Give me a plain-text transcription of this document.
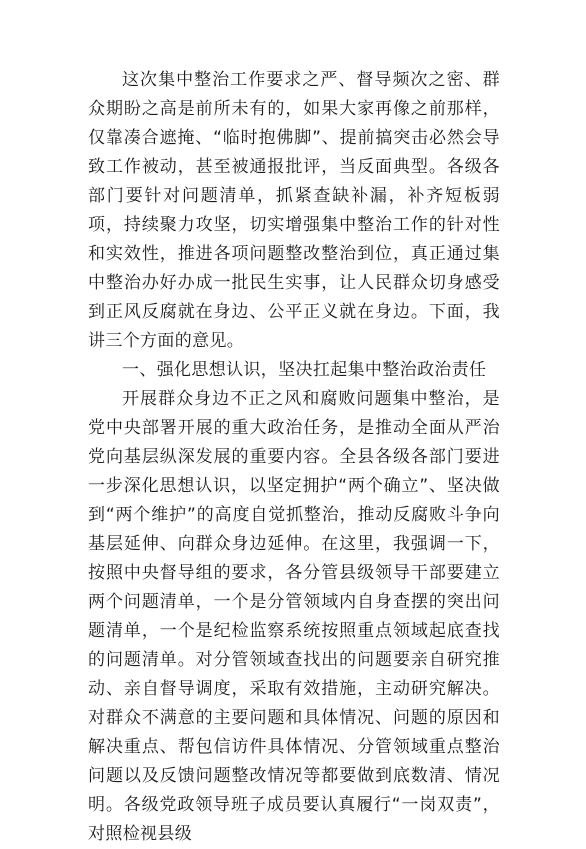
这次集中整治工作要求之严、督导频次之密、群众期盼之高是前所未有的，如果大家再像之前那样，仅靠凑合遮掩、“临时抱佛脚”、提前搞突击必然会导致工作被动，甚至被通报批评，当反面典型。各级各部门要针对问题清单，抓紧查缺补漏，补齐短板弱项，持续聚力攻坚，切实增强集中整治工作的针对性和实效性，推进各项问题整改整治到位，真正通过集中整治办好办成一批民生实事，让人民群众切身感受到正风反腐就在身边、公平正义就在身边。下面，我讲三个方面的意见。

一、强化思想认识，坚决扛起集中整治政治责任

开展群众身边不正之风和腐败问题集中整治，是党中央部署开展的重大政治任务，是推动全面从严治党向基层纵深发展的重要内容。全县各级各部门要进一步深化思想认识，以坚定拥护“两个确立”、坚决做到“两个维护”的高度自觉抓整治，推动反腐败斗争向基层延伸、向群众身边延伸。在这里，我强调一下，按照中央督导组的要求，各分管县级领导干部要建立两个问题清单，一个是分管领域内自身查摆的突出问题清单，一个是纪检监察系统按照重点领域起底查找的问题清单。对分管领域查找出的问题要亲自研究推动、亲自督导调度，采取有效措施，主动研究解决。对群众不满意的主要问题和具体情况、问题的原因和解决重点、帮包信访件具体情况、分管领域重点整治问题以及反馈问题整改情况等都要做到底数清、情况明。各级党政领导班子成员要认真履行“一岗双责”，对照检视县级
